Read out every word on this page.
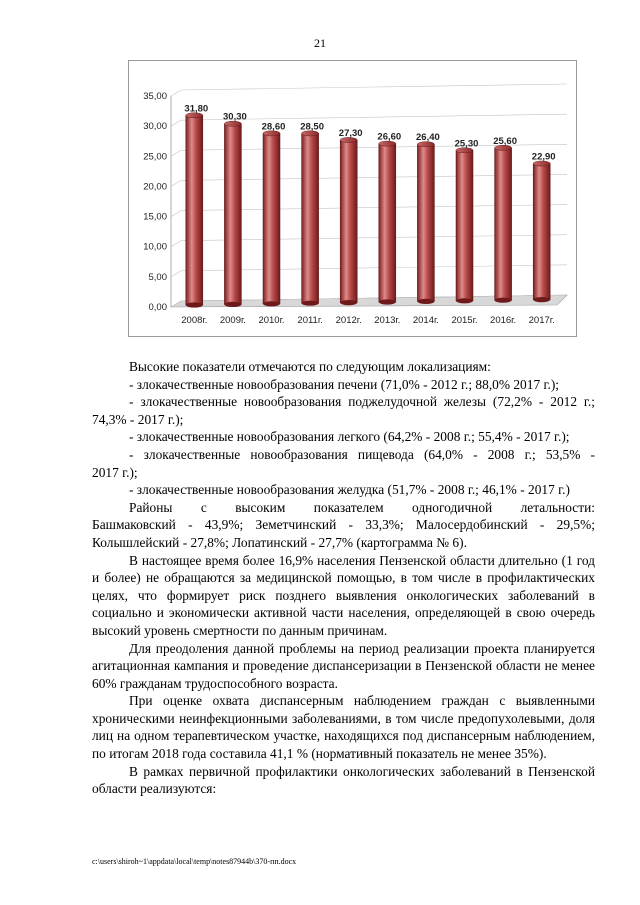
21
0,00
5,00
10,00
15,00
20,00
25,00
30,00
35,00
31,80
30,30
28,60 28,50
27,30 26,60 26,40
25,30 25,60
22,90
2008г. 2009г. 2010г. 2011г. 2012г. 2013г. 2014г. 2015г. 2016г. 2017г.

Высокие показатели отмечаются по следующим локализациям:

- злокачественные новообразования печени (71,0% - 2012 г.; 88,0% 2017 г.);

- злокачественные новообразования поджелудочной железы (72,2% - 2012 г.;

74,3% - 2017 г.);

- злокачественные новообразования легкого (64,2% - 2008 г.; 55,4% - 2017 г.);

- злокачественные новообразования пищевода (64,0% - 2008 г.; 53,5% -

2017 г.);

- злокачественные новообразования желудка (51,7% - 2008 г.; 46,1% - 2017 г.)

Районы с высоким показателем одногодичной летальности:

Башмаковский - 43,9%; Земетчинский - 33,3%; Малосердобинский - 29,5%;

Колышлейский - 27,8%; Лопатинский - 27,7% (картограмма № 6).

В настоящее время более 16,9% населения Пензенской области длительно (1 год и более) не обращаются за медицинской помощью, в том числе в профилактических целях, что формирует риск позднего выявления онкологических заболеваний в социально и экономически активной части населения, определяющей в свою очередь высокий уровень смертности по данным причинам.

Для преодоления данной проблемы на период реализации проекта планируется агитационная кампания и проведение диспансеризации в Пензенской области не менее 60% гражданам трудоспособного возраста.

При оценке охвата диспансерным наблюдением граждан с выявленными хроническими неинфекционными заболеваниями, в том числе предопухолевыми, доля лиц на одном терапевтическом участке, находящихся под диспансерным наблюдением, по итогам 2018 года составила 41,1 % (нормативный показатель не менее 35%).

В рамках первичной профилактики онкологических заболеваний в Пензенской области реализуются:

c:\users\shiroh~1\appdata\local\temp\notes87944b\370-пп.docx
